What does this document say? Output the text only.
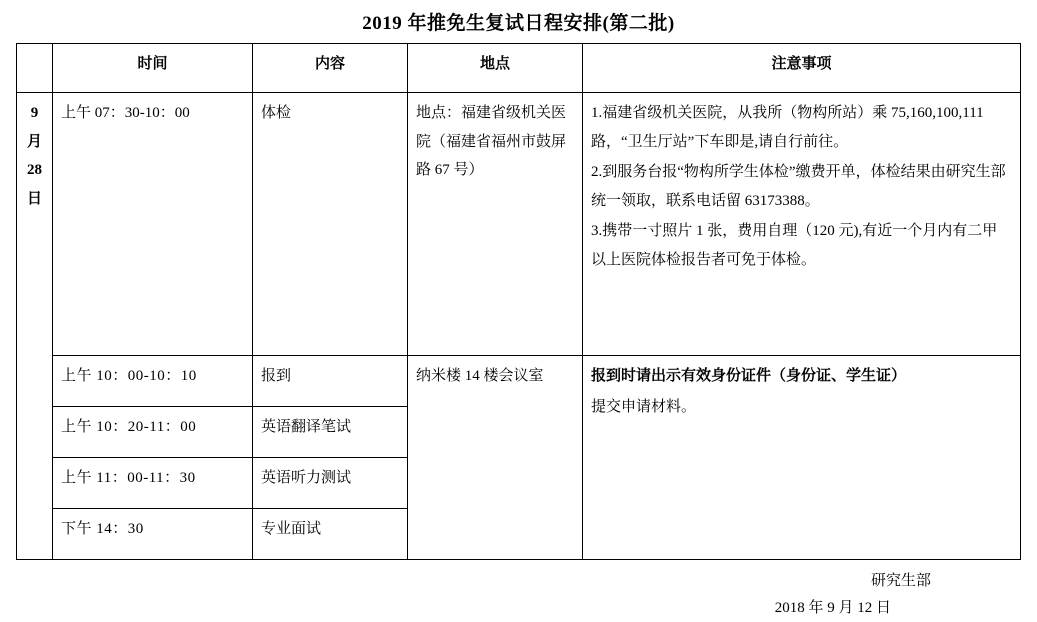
2019 年推免生复试日程安排(第二批)
	时间	内容	地点	注意事项
9 月 28 日	上午 07：30-10：00	体检	地点：福建省级机关医院（福建省福州市鼓屏路 67 号）	1.福建省级机关医院，从我所（物构所站）乘 75,160,100,111 路，“卫生厅站”下车即是,请自行前往。

2.到服务台报“物构所学生体检”缴费开单，体检结果由研究生部统一领取，联系电话留 63173388。

3.携带一寸照片 1 张，费用自理（120 元),有近一个月内有二甲以上医院体检报告者可免于体检。

	上午 10：00-10：10	报到	纳米楼 14 楼会议室	报到时请出示有效身份证件（身份证、学生证）

提交申请材料。

	上午 10：20-11：00	英语翻译笔试		
	上午 11：00-11：30	英语听力测试		
	下午 14：30	专业面试		
研究生部
2018 年 9 月 12 日
